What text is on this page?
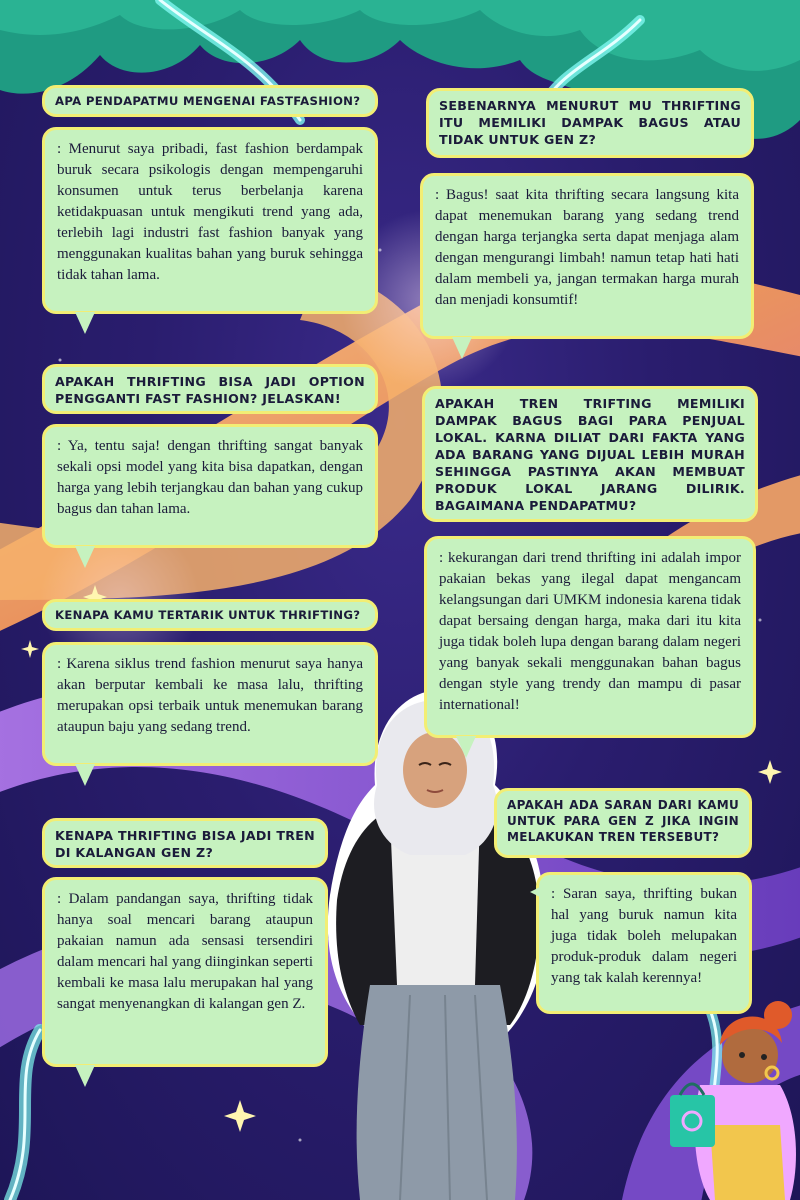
APA PENDAPATMU MENGENAI FASTFASHION?
: Menurut saya pribadi, fast fashion berdampak buruk secara psikologis dengan mempengaruhi konsumen untuk terus berbelanja karena ketidakpuasan untuk mengikuti trend yang ada, terlebih lagi industri fast fashion banyak yang menggunakan kualitas bahan yang buruk sehingga tidak tahan lama.
APAKAH THRIFTING BISA JADI OPTION PENGGANTI FAST FASHION? JELASKAN!
: Ya, tentu saja! dengan thrifting sangat banyak sekali opsi model yang kita bisa dapatkan, dengan harga yang lebih terjangkau dan bahan yang cukup bagus dan tahan lama.
KENAPA KAMU TERTARIK UNTUK THRIFTING?
: Karena siklus trend fashion menurut saya hanya akan berputar kembali ke masa lalu, thrifting merupakan opsi terbaik untuk menemukan barang ataupun baju yang sedang trend.
KENAPA THRIFTING BISA JADI TREN DI KALANGAN GEN Z?
: Dalam pandangan saya, thrifting tidak hanya soal mencari barang ataupun pakaian namun ada sensasi tersendiri dalam mencari hal yang diinginkan seperti kembali ke masa lalu merupakan hal yang sangat menyenangkan di kalangan gen Z.
SEBENARNYA MENURUT MU THRIFTING ITU MEMILIKI DAMPAK BAGUS ATAU TIDAK UNTUK GEN Z?
: Bagus! saat kita thrifting secara langsung kita dapat menemukan barang yang sedang trend dengan harga terjangka serta dapat menjaga alam dengan mengurangi limbah! namun tetap hati hati dalam membeli ya, jangan termakan harga murah dan menjadi konsumtif!
APAKAH TREN TRIFTING MEMILIKI DAMPAK BAGUS BAGI PARA PENJUAL LOKAL. KARNA DILIAT DARI FAKTA YANG ADA BARANG YANG DIJUAL LEBIH MURAH SEHINGGA PASTINYA AKAN MEMBUAT PRODUK LOKAL JARANG DILIRIK. BAGAIMANA PENDAPATMU?
: kekurangan dari trend thrifting ini adalah impor pakaian bekas yang ilegal dapat mengancam kelangsungan dari UMKM indonesia karena tidak dapat bersaing dengan harga, maka dari itu kita juga tidak boleh lupa dengan barang dalam negeri yang banyak sekali menggunakan bahan bagus dengan style yang trendy dan mampu di pasar international!
APAKAH ADA SARAN DARI KAMU UNTUK PARA GEN Z JIKA INGIN MELAKUKAN TREN TERSEBUT?
: Saran saya, thrifting bukan hal yang buruk namun kita juga tidak boleh melupakan produk-produk dalam negeri yang tak kalah kerennya!
